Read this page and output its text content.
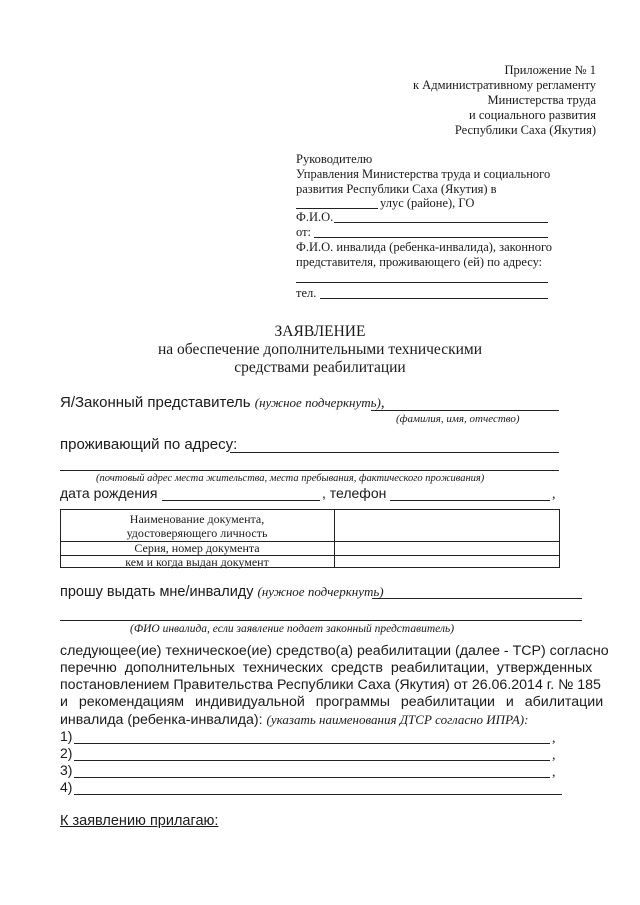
Приложение № 1
к Административному регламенту
Министерства труда
и социального развития
Республики Саха (Якутия)
Руководителю
Управления Министерства труда и социального
развития Республики Саха (Якутия) в
улус (районе), ГО
Ф.И.О.
от:
Ф.И.О. инвалида (ребенка-инвалида), законного
представителя, проживающего (ей) по адресу:
тел.
ЗАЯВЛЕНИЕ
на обеспечение дополнительными техническими
средствами реабилитации
Я/Законный представитель (нужное подчеркнуть),
(фамилия, имя, отчество)
проживающий по адресу:
(почтовый адрес места жительства, места пребывания, фактического проживания)
дата рождения	, телефон	,
Наименование документа,
удостоверяющего личность
Серия, номер документа
кем и когда выдан документ
прошу выдать мне/инвалиду (нужное подчеркнуть)
(ФИО инвалида, если заявление подает законный представитель)
следующее(ие) техническое(ие) средство(а) реабилитации (далее - ТСР) согласно
перечню дополнительных технических средств реабилитации, утвержденных
постановлением Правительства Республики Саха (Якутия) от 26.06.2014 г. № 185
и рекомендациям индивидуальной программы реабилитации и абилитации
инвалида (ребенка-инвалида): (указать наименования ДТСР согласно ИПРА):
1)	,
2)	,
3)	,
4)
К заявлению прилагаю:
